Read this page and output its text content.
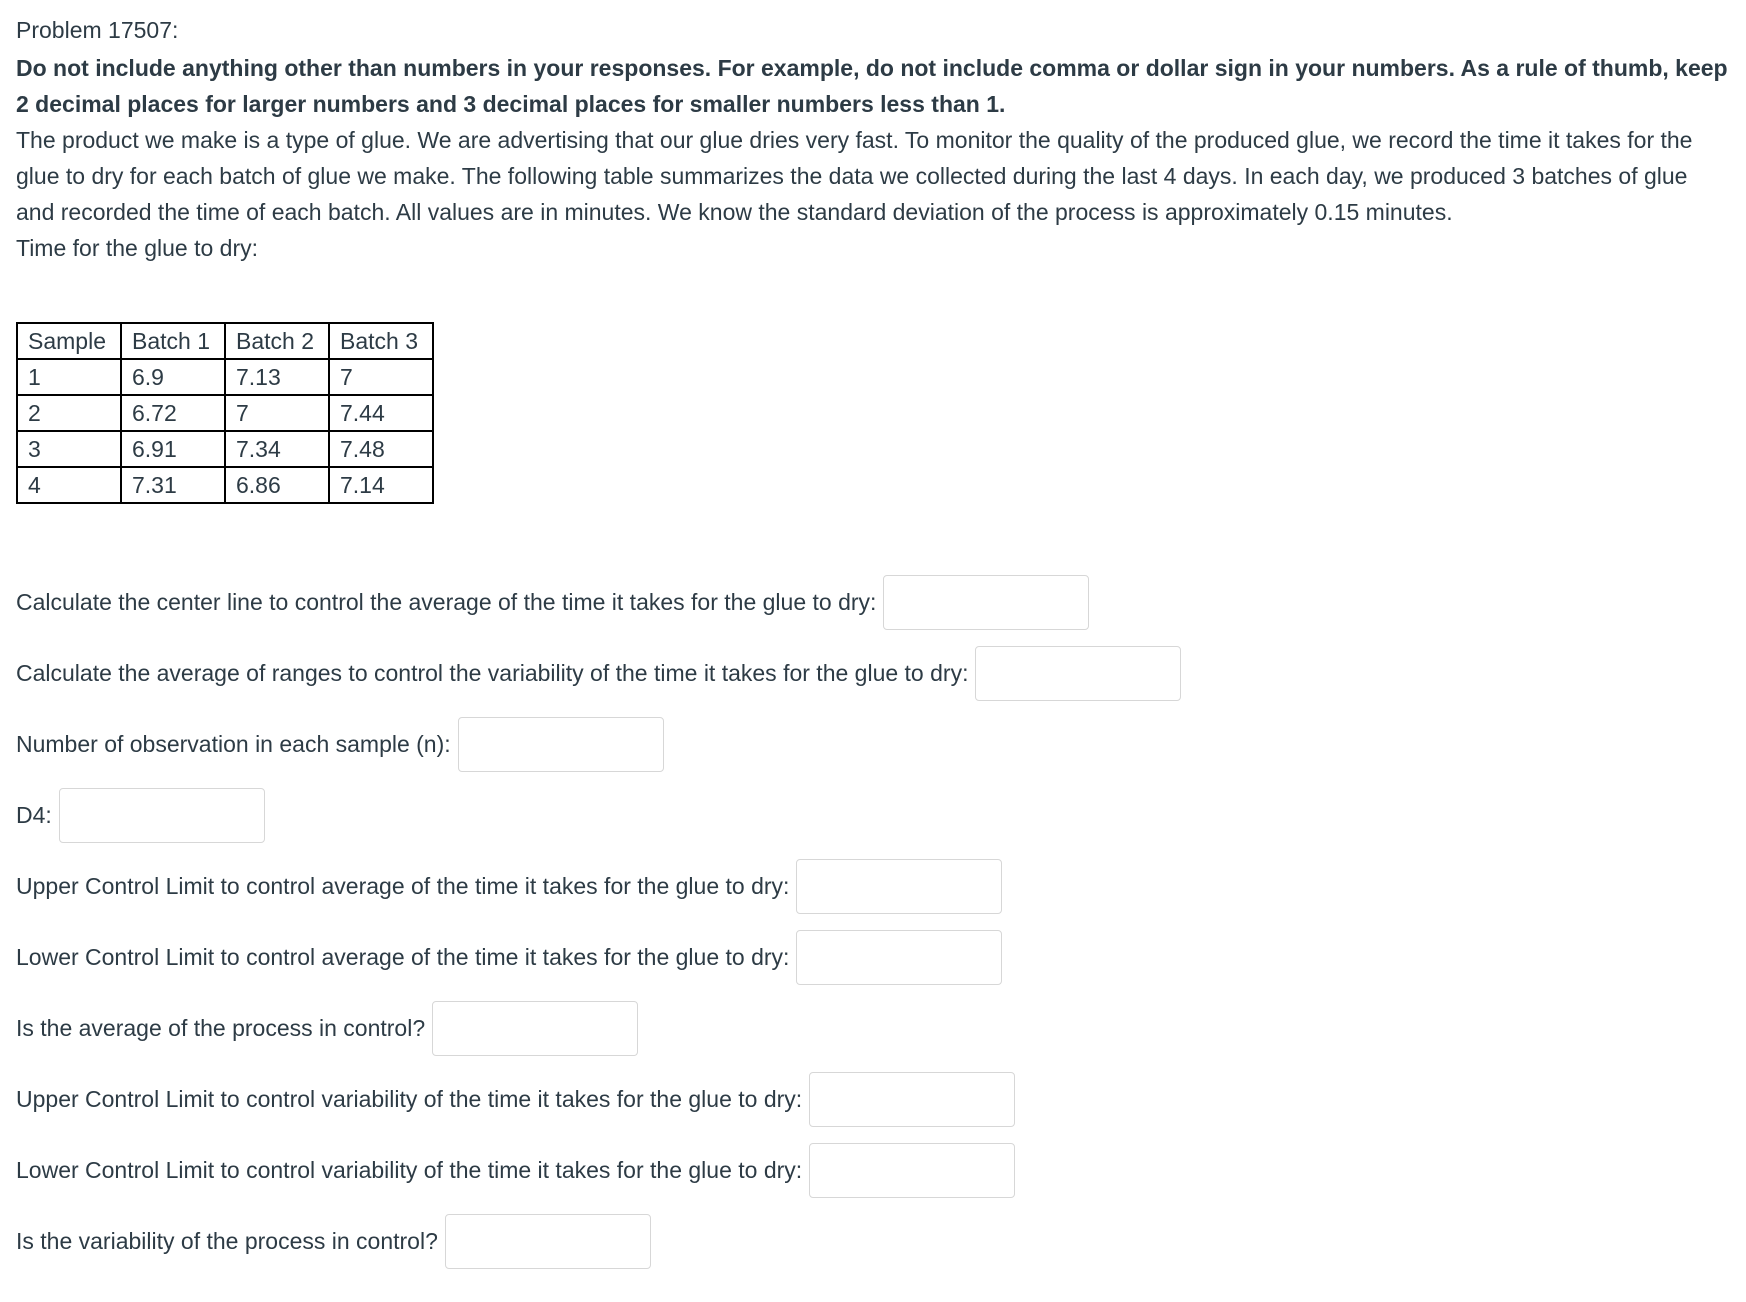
Problem 17507:

Do not include anything other than numbers in your responses. For example, do not include comma or dollar sign in your numbers. As a rule of thumb, keep 2 decimal places for larger numbers and 3 decimal places for smaller numbers less than 1.

The product we make is a type of glue. We are advertising that our glue dries very fast. To monitor the quality of the produced glue, we record the time it takes for the glue to dry for each batch of glue we make. The following table summarizes the data we collected during the last 4 days. In each day, we produced 3 batches of glue and recorded the time of each batch. All values are in minutes. We know the standard deviation of the process is approximately 0.15 minutes.

Time for the glue to dry:

Sample	Batch 1	Batch 2	Batch 3
1	6.9	7.13	7
2	6.72	7	7.44
3	6.91	7.34	7.48
4	7.31	6.86	7.14
Calculate the center line to control the average of the time it takes for the glue to dry:
Calculate the average of ranges to control the variability of the time it takes for the glue to dry:
Number of observation in each sample (n):
D4:
Upper Control Limit to control average of the time it takes for the glue to dry:
Lower Control Limit to control average of the time it takes for the glue to dry:
Is the average of the process in control?
Upper Control Limit to control variability of the time it takes for the glue to dry:
Lower Control Limit to control variability of the time it takes for the glue to dry:
Is the variability of the process in control?
